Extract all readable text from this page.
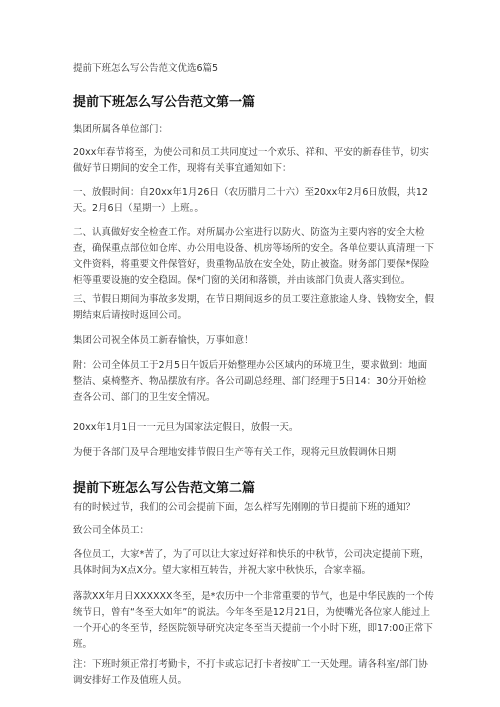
提前下班怎么写公告范文优选6篇5
提前下班怎么写公告范文第一篇

集团所属各单位部门：

20xx年春节将至，为使公司和员工共同度过一个欢乐、祥和、平安的新春佳节，切实做好节日期间的安全工作，现将有关事宜通知如下：

一、放假时间：自20xx年1月26日（农历腊月二十六）至20xx年2月6日放假，共12天。2月6日（星期一）上班。。

二、认真做好安全检查工作。对所属办公室进行以防火、防盗为主要内容的安全大检查，确保重点部位如仓库、办公用电设备、机房等场所的安全。各单位要认真清理一下文件资料，将重要文件保管好，贵重物品放在安全处，防止被盗。财务部门要保*保险柜等重要设施的安全稳固。保*门窗的关闭和落锁，并由该部门负责人落实到位。

三、节假日期间为事故多发期，在节日期间返乡的员工要注意旅途人身、钱物安全，假期结束后请按时返回公司。

集团公司祝全体员工新春愉快，万事如意！

附：公司全体员工于2月5日午饭后开始整理办公区域内的环境卫生，要求做到：地面整洁、桌椅整齐、物品摆放有序。各公司副总经理、部门经理于5日14：30分开始检查各公司、部门的卫生安全情况。

20xx年1月1日一一元旦为国家法定假日，放假一天。

为便于各部门及早合理地安排节假日生产等有关工作，现将元旦放假调休日期

提前下班怎么写公告范文第二篇

有的时候过节，我们的公司会提前下面，怎么样写先刚刚的节日提前下班的通知？

致公司全体员工：

各位员工，大家*苦了，为了可以让大家过好祥和快乐的中秋节，公司决定提前下班，具体时间为X点X分。望大家相互转告，并祝大家中秋快乐，合家幸福。

落款XX年月日XXXXXX冬至，是*农历中一个非常重要的节气，也是中华民族的一个传统节日，曾有“冬至大如年”的说法。今年冬至是12月21日，为使嘴光各位家人能过上一个开心的冬至节，经医院领导研究决定冬至当天提前一个小时下班，即17:00正常下班。

注：下班时须正常打考勤卡，不打卡或忘记打卡者按旷工一天处理。请各科室/部门协调安排好工作及值班人员。
